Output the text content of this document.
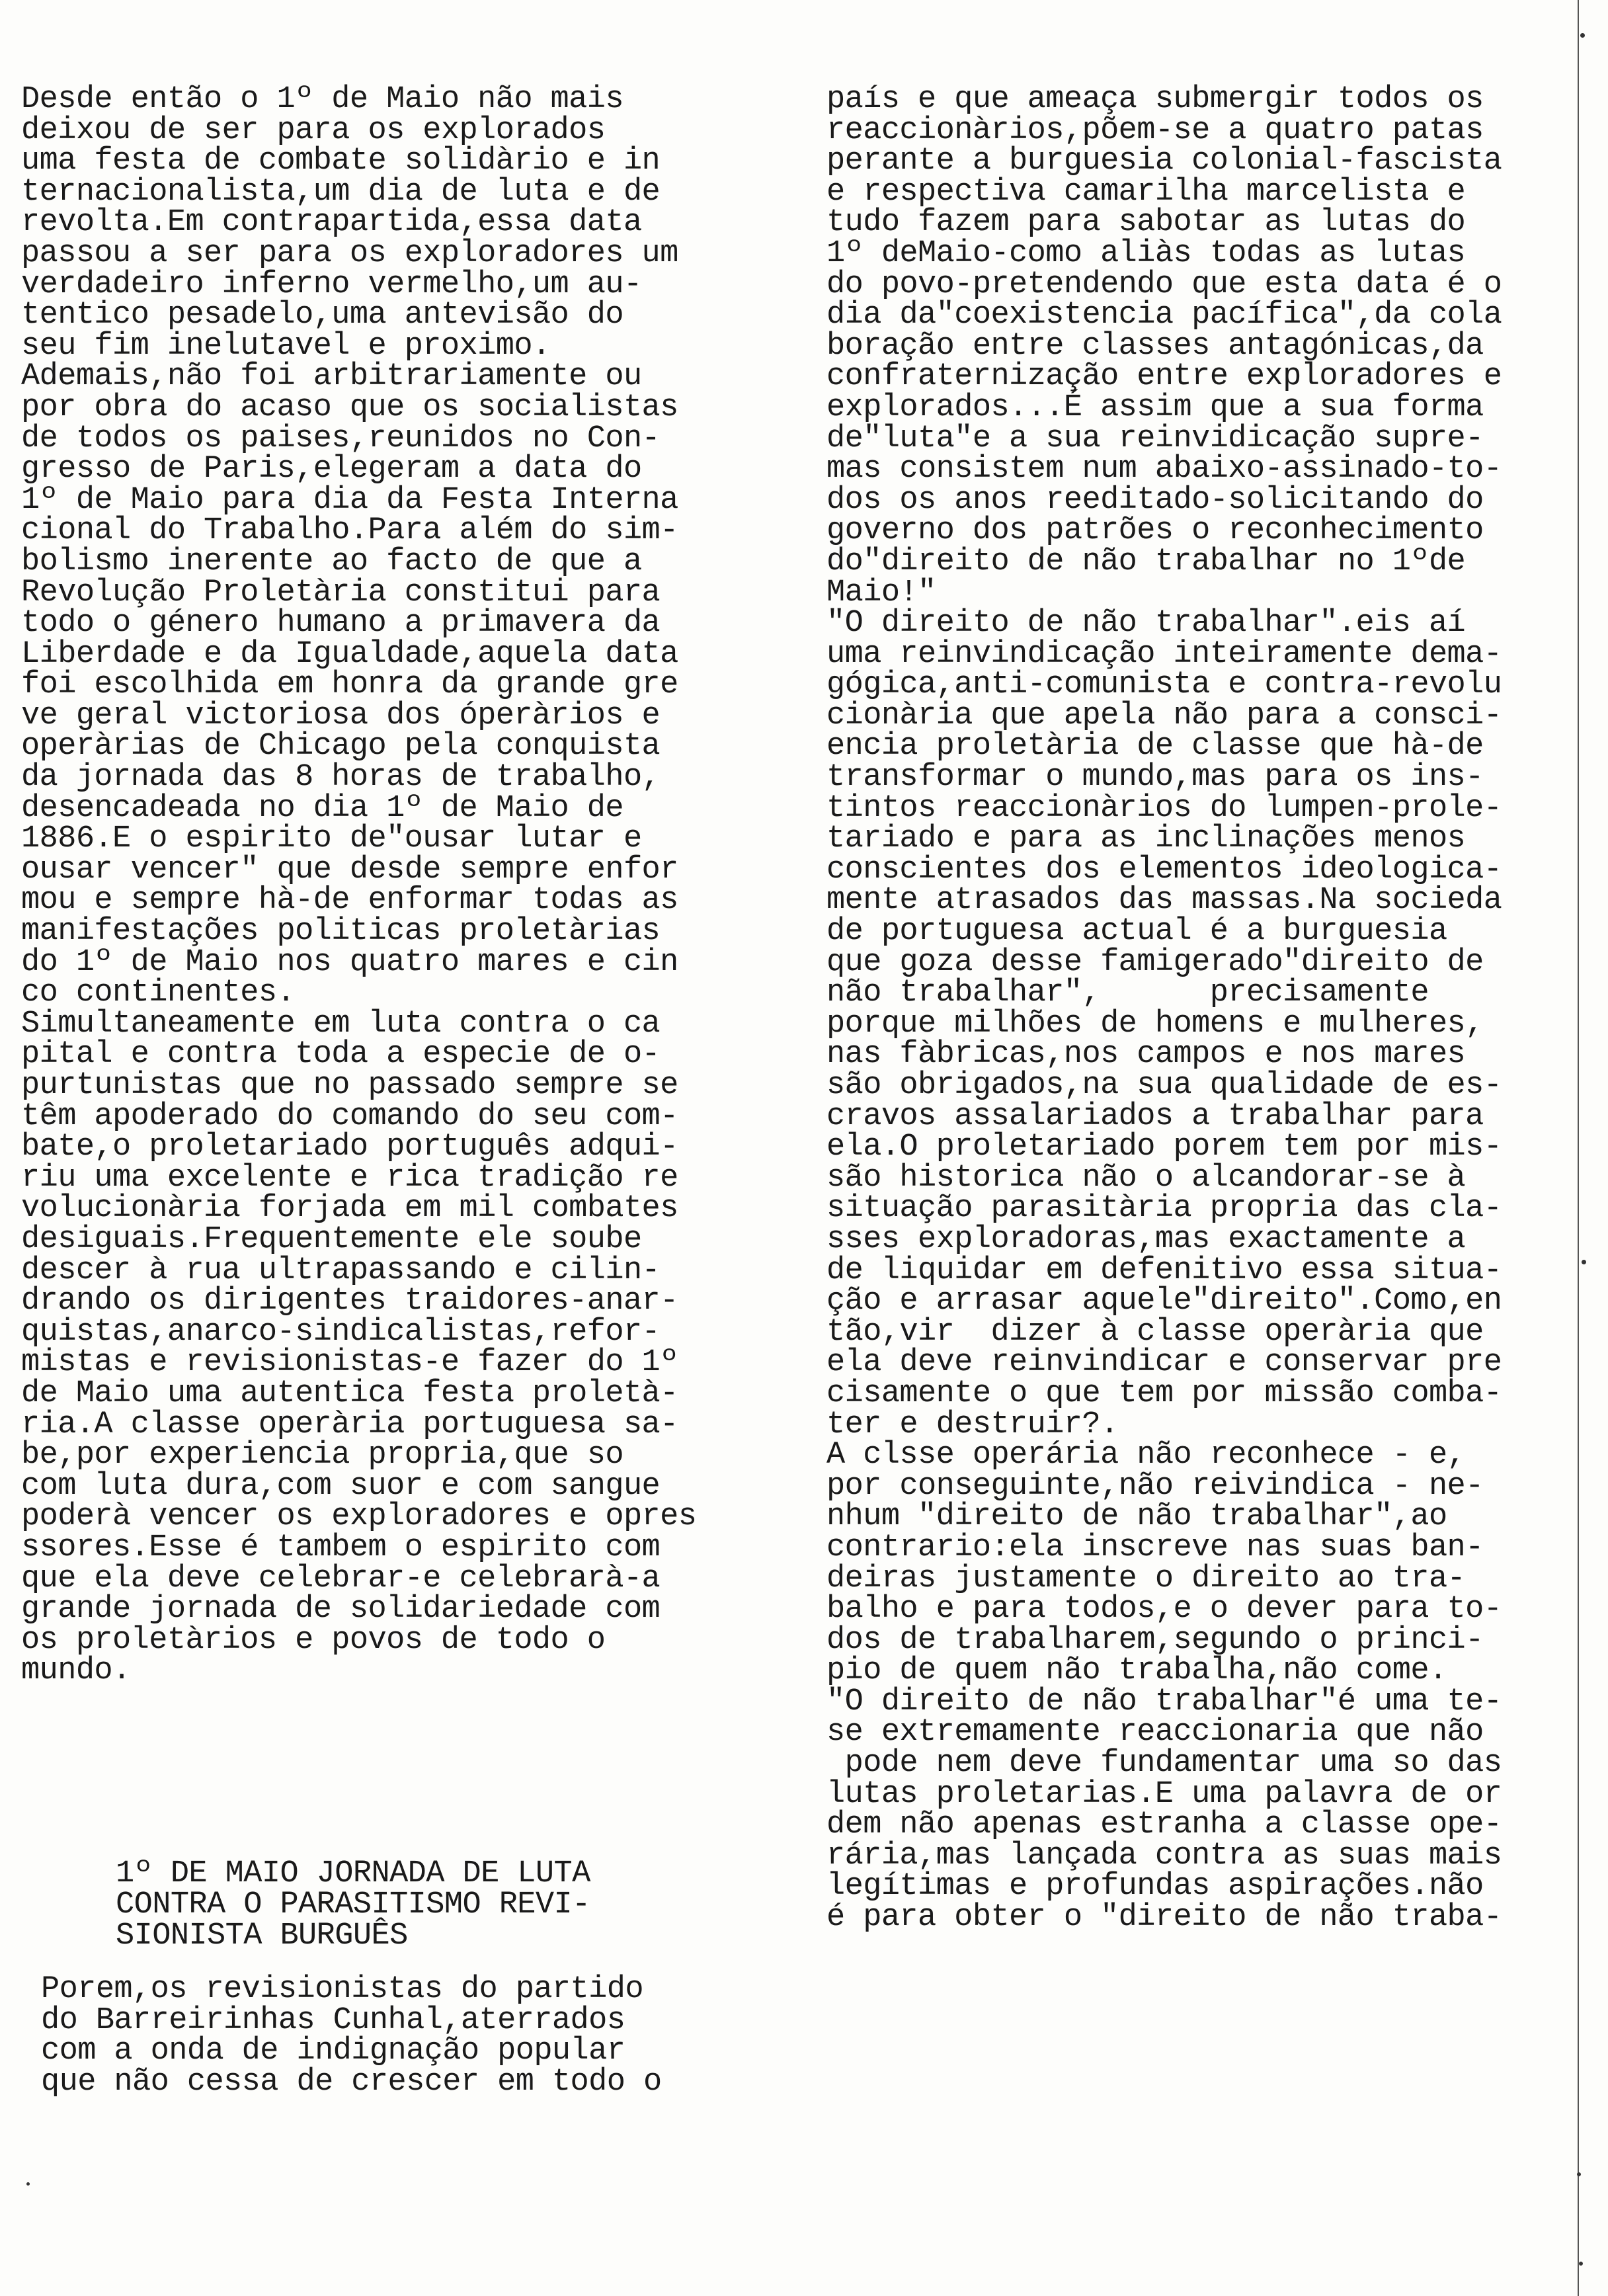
Desde então o 1º de Maio não mais
deixou de ser para os explorados
uma festa de combate solidàrio e in
ternacionalista,um dia de luta e de
revolta.Em contrapartida,essa data
passou a ser para os exploradores um
verdadeiro inferno vermelho,um au-
tentico pesadelo,uma antevisão do
seu fim inelutavel e proximo.
Ademais,não foi arbitrariamente ou
por obra do acaso que os socialistas
de todos os paises,reunidos no Con-
gresso de Paris,elegeram a data do
1º de Maio para dia da Festa Interna
cional do Trabalho.Para além do sim-
bolismo inerente ao facto de que a
Revolução Proletària constitui para
todo o género humano a primavera da
Liberdade e da Igualdade,aquela data
foi escolhida em honra da grande gre
ve geral victoriosa dos óperàrios e
operàrias de Chicago pela conquista
da jornada das 8 horas de trabalho,
desencadeada no dia 1º de Maio de
1886.E o espirito de"ousar lutar e
ousar vencer" que desde sempre enfor
mou e sempre hà-de enformar todas as
manifestações politicas proletàrias
do 1º de Maio nos quatro mares e cin
co continentes.
Simultaneamente em luta contra o ca
pital e contra toda a especie de o-
purtunistas que no passado sempre se
têm apoderado do comando do seu com-
bate,o proletariado português adqui-
riu uma excelente e rica tradição re
volucionària forjada em mil combates
desiguais.Frequentemente ele soube
descer à rua ultrapassando e cilin-
drando os dirigentes traidores-anar-
quistas,anarco-sindicalistas,refor-
mistas e revisionistas-e fazer do 1º
de Maio uma autentica festa proletà-
ria.A classe operària portuguesa sa-
be,por experiencia propria,que so
com luta dura,com suor e com sangue
poderà vencer os exploradores e opres
ssores.Esse é tambem o espirito com
que ela deve celebrar-e celebrarà-a
grande jornada de solidariedade com
os proletàrios e povos de todo o
mundo.
1º DE MAIO JORNADA DE LUTA
CONTRA O PARASITISMO REVI-
SIONISTA BURGUÊS
Porem,os revisionistas do partido
do Barreirinhas Cunhal,aterrados
com a onda de indignação popular
que não cessa de crescer em todo o
país e que ameaça submergir todos os
reaccionàrios,põem-se a quatro patas
perante a burguesia colonial-fascista
e respectiva camarilha marcelista e
tudo fazem para sabotar as lutas do
1º deMaio-como aliàs todas as lutas
do povo-pretendendo que esta data é o
dia da"coexistencia pacífica",da cola
boração entre classes antagónicas,da
confraternização entre exploradores e
explorados...É assim que a sua forma
de"luta"e a sua reinvidicação supre-
mas consistem num abaixo-assinado-to-
dos os anos reeditado-solicitando do
governo dos patrões o reconhecimento
do"direito de não trabalhar no 1ºde
Maio!"
"O direito de não trabalhar".eis aí
uma reinvindicação inteiramente dema-
gógica,anti-comunista e contra-revolu
cionària que apela não para a consci-
encia proletària de classe que hà-de
transformar o mundo,mas para os ins-
tintos reaccionàrios do lumpen-prole-
tariado e para as inclinações menos
conscientes dos elementos ideologica-
mente atrasados das massas.Na socieda
de portuguesa actual é a burguesia
que goza desse famigerado"direito de
não trabalhar",      precisamente
porque milhões de homens e mulheres,
nas fàbricas,nos campos e nos mares
são obrigados,na sua qualidade de es-
cravos assalariados a trabalhar para
ela.O proletariado porem tem por mis-
são historica não o alcandorar-se à
situação parasitària propria das cla-
sses exploradoras,mas exactamente a
de liquidar em defenitivo essa situa-
ção e arrasar aquele"direito".Como,en
tão,vir  dizer à classe operària que
ela deve reinvindicar e conservar pre
cisamente o que tem por missão comba-
ter e destruir?.
A clsse operária não reconhece - e,
por conseguinte,não reivindica - ne-
nhum "direito de não trabalhar",ao
contrario:ela inscreve nas suas ban-
deiras justamente o direito ao tra-
balho e para todos,e o dever para to-
dos de trabalharem,segundo o princi-
pio de quem não trabalha,não come.
"O direito de não trabalhar"é uma te-
se extremamente reaccionaria que não
pode nem deve fundamentar uma so das
lutas proletarias.E uma palavra de or
dem não apenas estranha a classe ope-
rária,mas lançada contra as suas mais
legítimas e profundas aspirações.não
é para obter o "direito de não traba-
